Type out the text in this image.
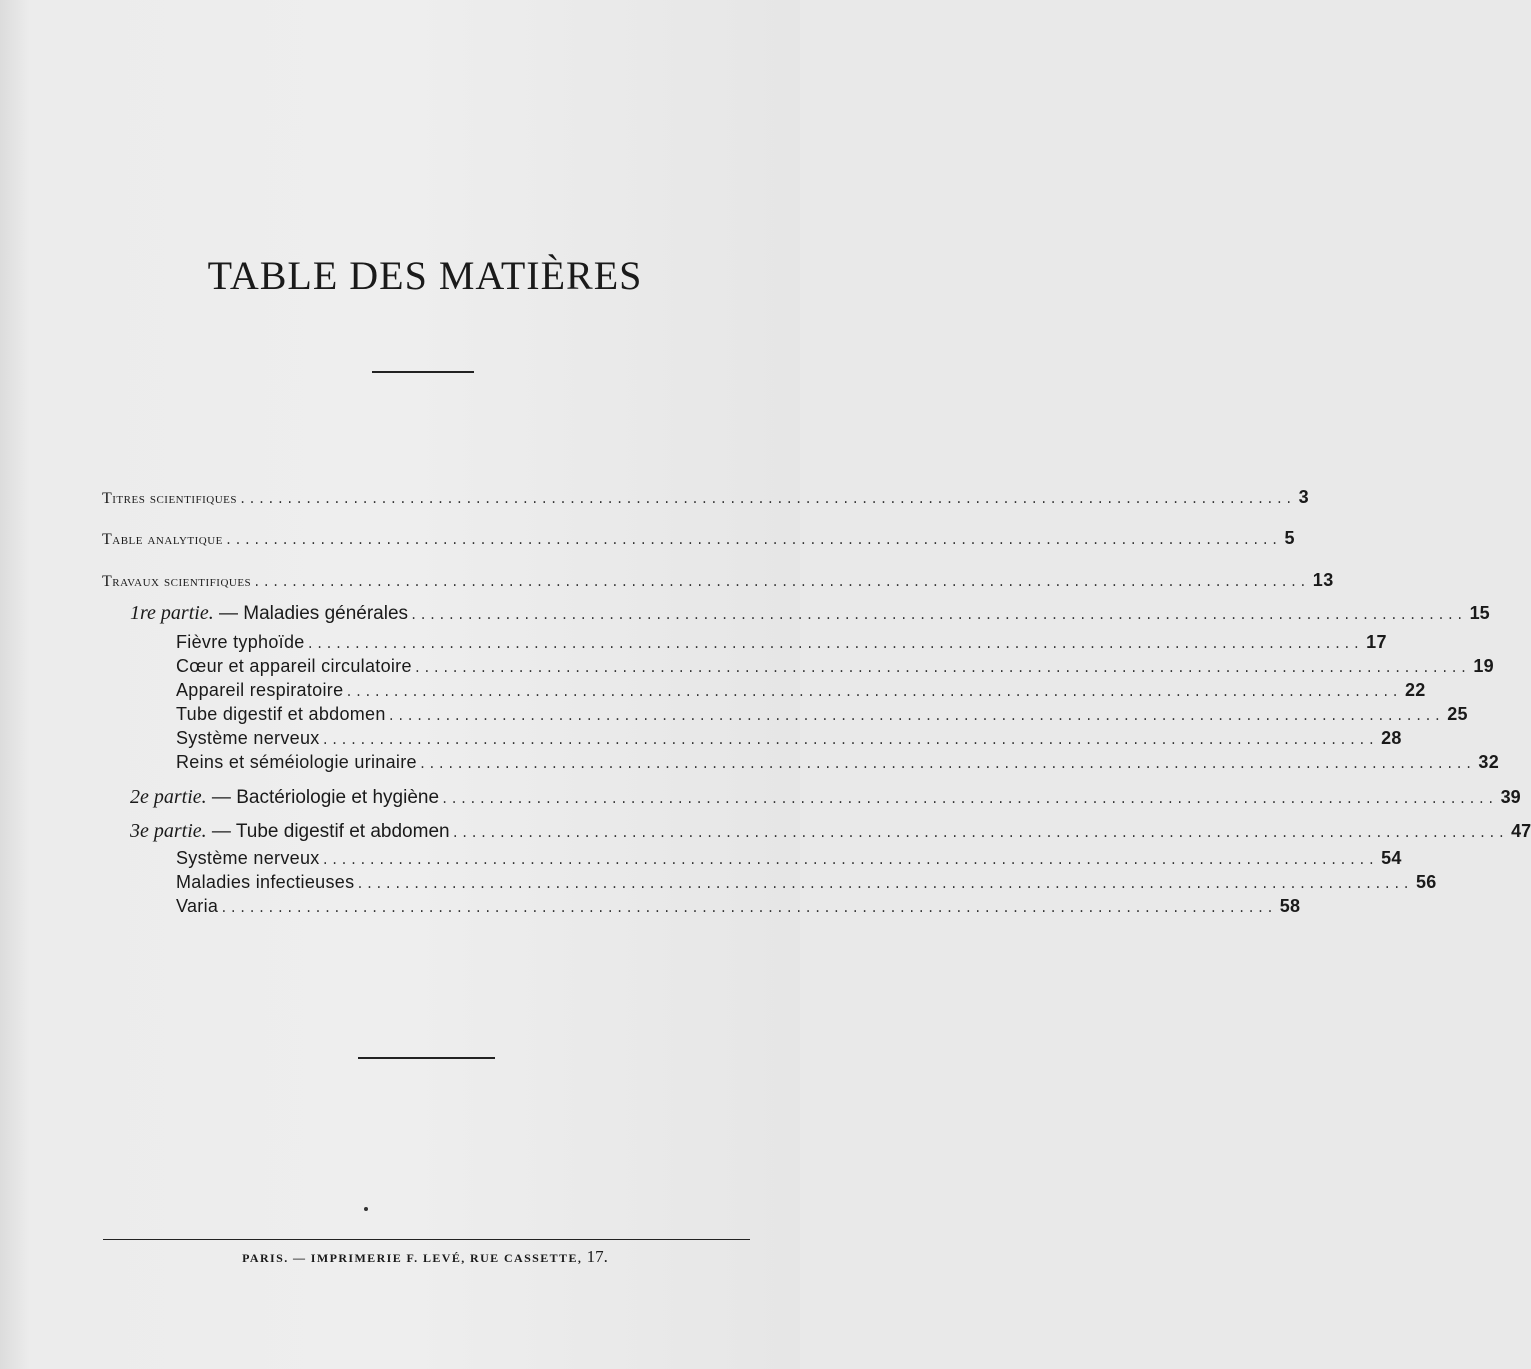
TABLE DES MATIÈRES
Titres scientifiques ................................................................................................................ 3
Table analytique ................................................................................................................ 5
Travaux scientifiques ................................................................................................................ 13
1re partie. — Maladies générales ................................................................................................................ 15
Fièvre typhoïde ................................................................................................................ 17
Cœur et appareil circulatoire ................................................................................................................ 19
Appareil respiratoire ................................................................................................................ 22
Tube digestif et abdomen ................................................................................................................ 25
Système nerveux ................................................................................................................ 28
Reins et séméiologie urinaire ................................................................................................................ 32
2e partie. — Bactériologie et hygiène ................................................................................................................ 39
3e partie. — Tube digestif et abdomen ................................................................................................................ 47
Système nerveux ................................................................................................................ 54
Maladies infectieuses ................................................................................................................ 56
Varia ................................................................................................................ 58
PARIS. — IMPRIMERIE F. LEVÉ, RUE CASSETTE, 17.
